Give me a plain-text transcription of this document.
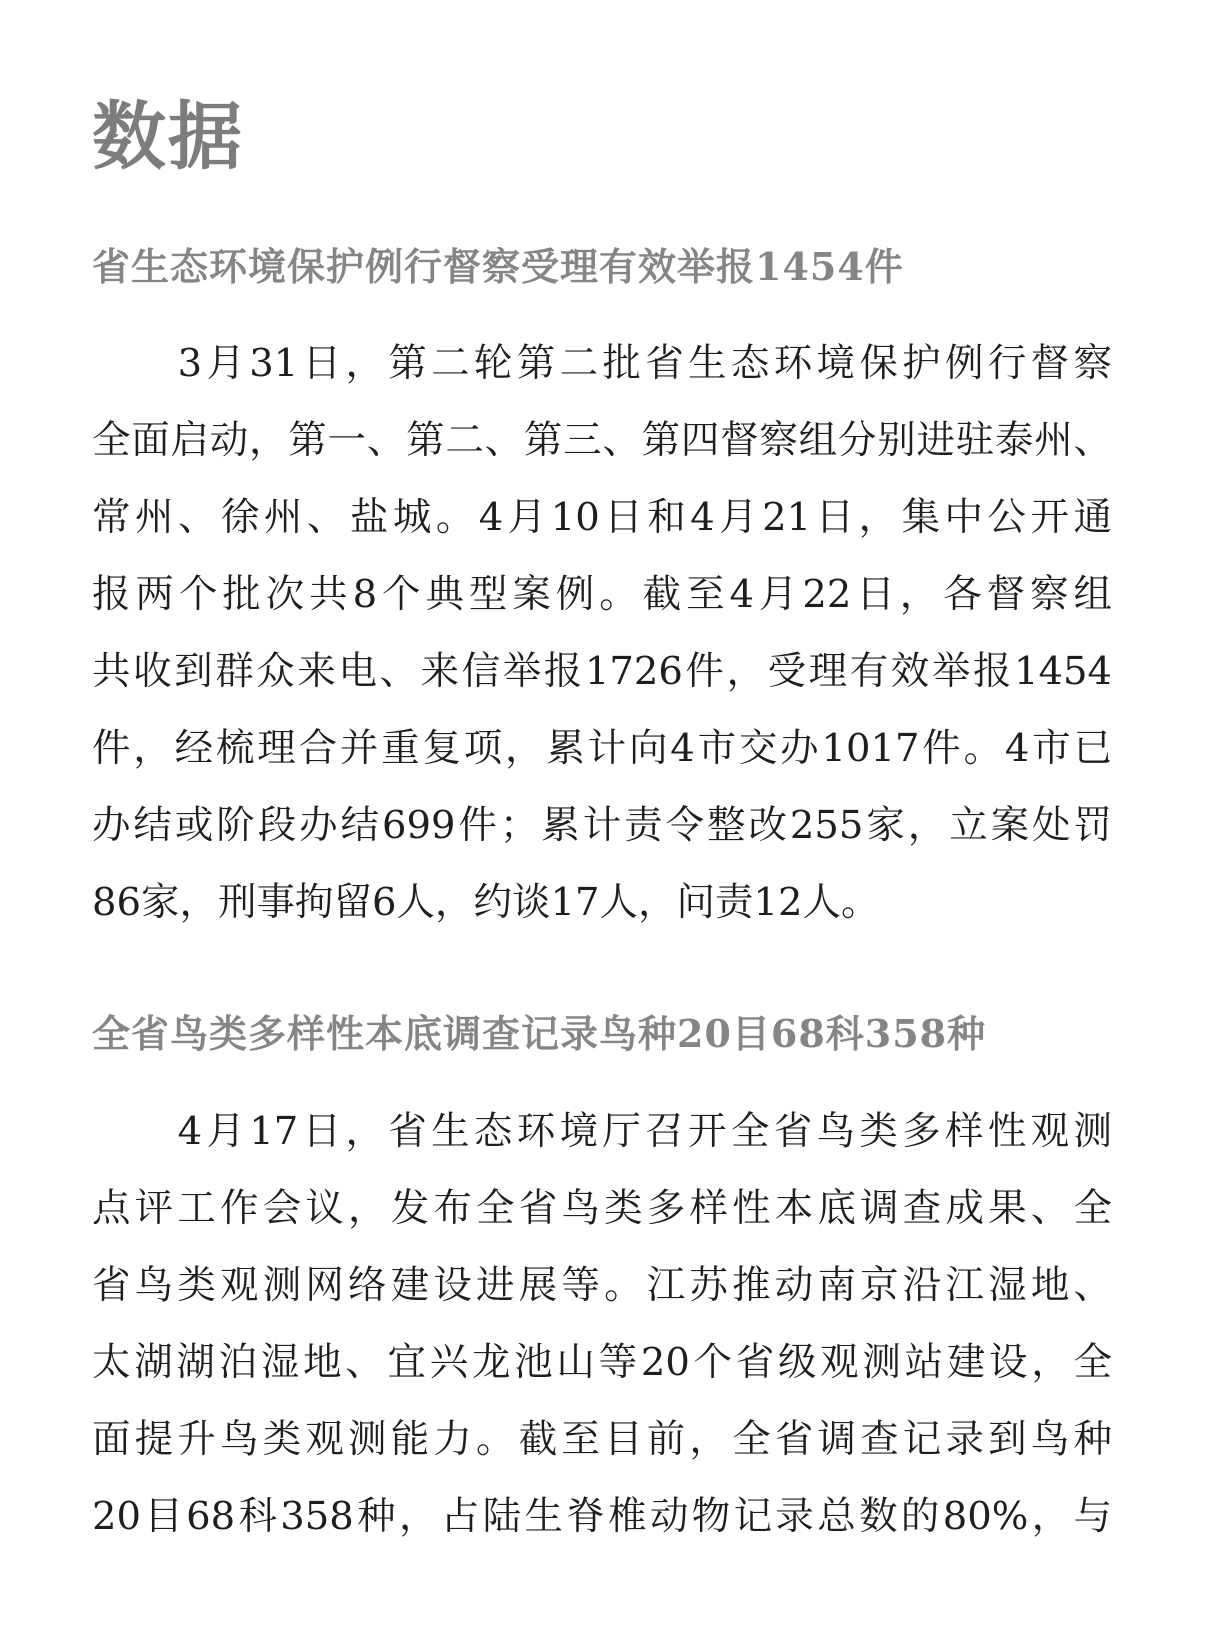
数据
省生态环境保护例行督察受理有效举报1454件
　　3月31日，第二轮第二批省生态环境保护例行督察
全面启动，第一、第二、第三、第四督察组分别进驻泰州、
常州、徐州、盐城。4月10日和4月21日，集中公开通
报两个批次共8个典型案例。截至4月22日，各督察组
共收到群众来电、来信举报1726件，受理有效举报1454
件，经梳理合并重复项，累计向4市交办1017件。4市已
办结或阶段办结699件；累计责令整改255家，立案处罚
86家，刑事拘留6人，约谈17人，问责12人。
全省鸟类多样性本底调查记录鸟种20目68科358种
　　4月17日，省生态环境厅召开全省鸟类多样性观测
点评工作会议，发布全省鸟类多样性本底调查成果、全
省鸟类观测网络建设进展等。江苏推动南京沿江湿地、
太湖湖泊湿地、宜兴龙池山等20个省级观测站建设，全
面提升鸟类观测能力。截至目前，全省调查记录到鸟种
20目68科358种，占陆生脊椎动物记录总数的80%，与
